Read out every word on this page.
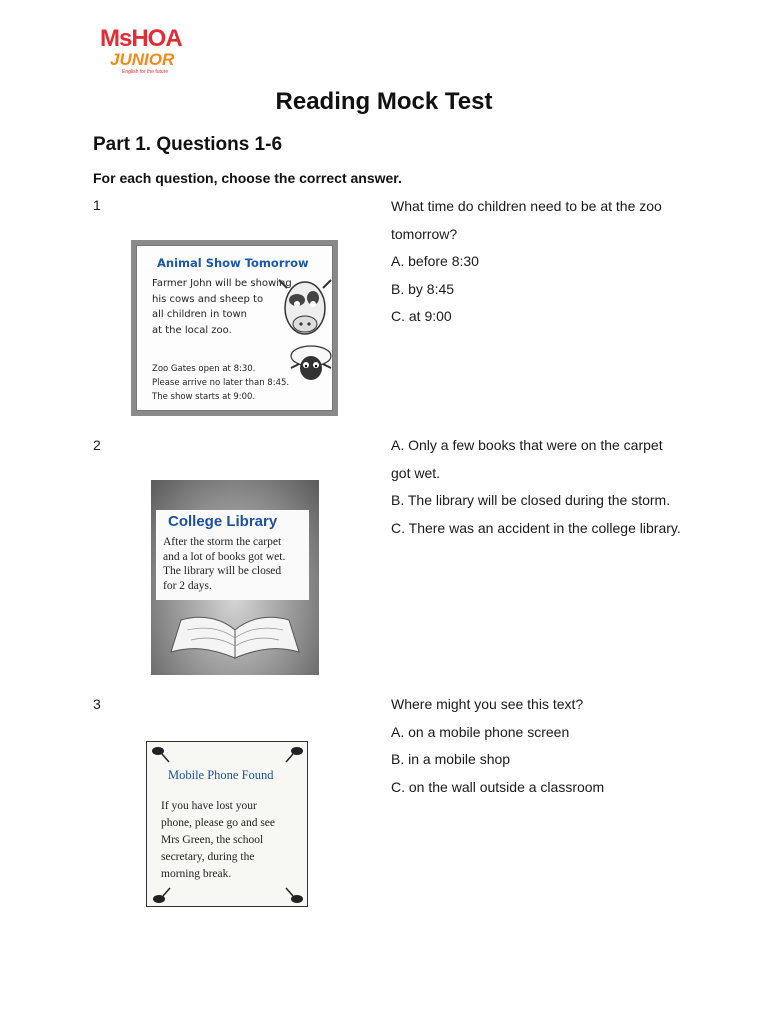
MsHOA
JUNIOR
English for the future
Reading Mock Test
Part 1. Questions 1-6
For each question, choose the correct answer.
1	What time do children need to be at the zoo tomorrow?

A. before 8:30

B. by 8:45

C. at 9:00

Animal Show Tomorrow
Farmer John will be showing
his cows and sheep to
all children in town
at the local zoo.
Zoo Gates open at 8:30.
Please arrive no later than 8:45.
The show starts at 9:00.
2	A. Only a few books that were on the carpet got wet.

B. The library will be closed during the storm.

C. There was an accident in the college library.

College Library
After the storm the carpet
and a lot of books got wet.
The library will be closed
for 2 days.
3	Where might you see this text?

A. on a mobile phone screen

B. in a mobile shop

C. on the wall outside a classroom

Mobile Phone Found
If you have lost your
phone, please go and see
Mrs Green, the school
secretary, during the
morning break.
